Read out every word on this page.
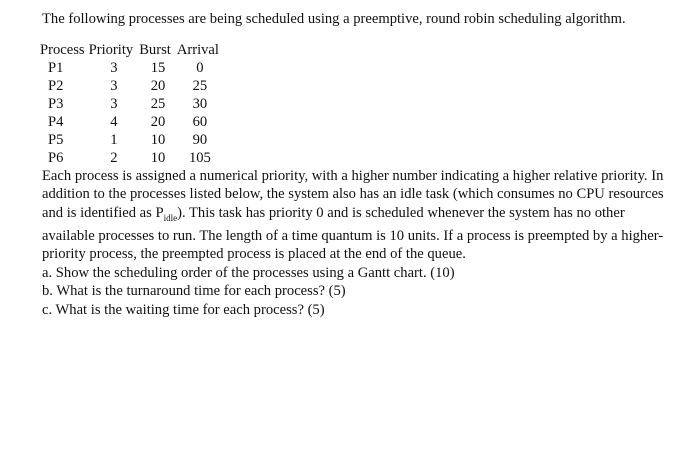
The following processes are being scheduled using a preemptive, round robin scheduling algorithm.

Process	Priority	Burst	Arrival
P1	3	15	0
P2	3	20	25
P3	3	25	30
P4	4	20	60
P5	1	10	90
P6	2	10	105

Each process is assigned a numerical priority, with a higher number indicating a higher relative priority. In addition to the processes listed below, the system also has an idle task (which consumes no CPU resources and is identified as $P_{idle}$). This task has priority 0 and is scheduled whenever the system has no other available processes to run. The length of a time quantum is 10 units. If a process is preempted by a higher-priority process, the preempted process is placed at the end of the queue.

a. Show the scheduling order of the processes using a Gantt chart. (10)
b. What is the turnaround time for each process? (5)
c. What is the waiting time for each process? (5)
